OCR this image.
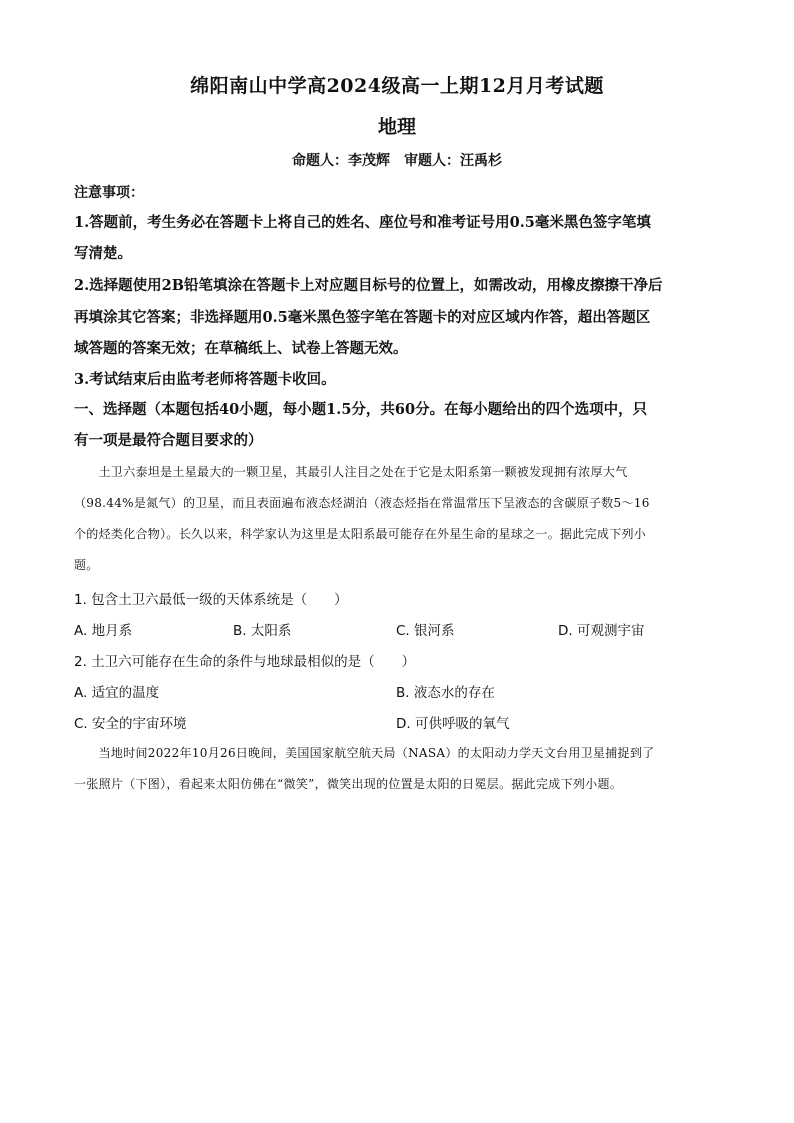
绵阳南山中学高2024级高一上期12月月考试题
地理
命题人：李茂辉 审题人：汪禹杉
注意事项：
1.答题前，考生务必在答题卡上将自己的姓名、座位号和准考证号用0.5毫米黑色签字笔填
写清楚。
2.选择题使用2B铅笔填涂在答题卡上对应题目标号的位置上，如需改动，用橡皮擦擦干净后
再填涂其它答案；非选择题用0.5毫米黑色签字笔在答题卡的对应区域内作答，超出答题区
域答题的答案无效；在草稿纸上、试卷上答题无效。
3.考试结束后由监考老师将答题卡收回。
一、选择题（本题包括40小题，每小题1.5分，共60分。在每小题给出的四个选项中，只
有一项是最符合题目要求的）
　　土卫六泰坦是土星最大的一颗卫星，其最引人注目之处在于它是太阳系第一颗被发现拥有浓厚大气
（98.44%是氮气）的卫星，而且表面遍布液态烃湖泊（液态烃指在常温常压下呈液态的含碳原子数5～16
个的烃类化合物）。长久以来，科学家认为这里是太阳系最可能存在外星生命的星球之一。据此完成下列小
题。
1. 包含土卫六最低一级的天体系统是（　　）
A. 地月系	B. 太阳系	C. 银河系	D. 可观测宇宙
2. 土卫六可能存在生命的条件与地球最相似的是（　　）
A. 适宜的温度	B. 液态水的存在
C. 安全的宇宙环境	D. 可供呼吸的氧气
　　当地时间2022年10月26日晚间，美国国家航空航天局（NASA）的太阳动力学天文台用卫星捕捉到了
一张照片（下图），看起来太阳仿佛在“微笑”，微笑出现的位置是太阳的日冕层。据此完成下列小题。
